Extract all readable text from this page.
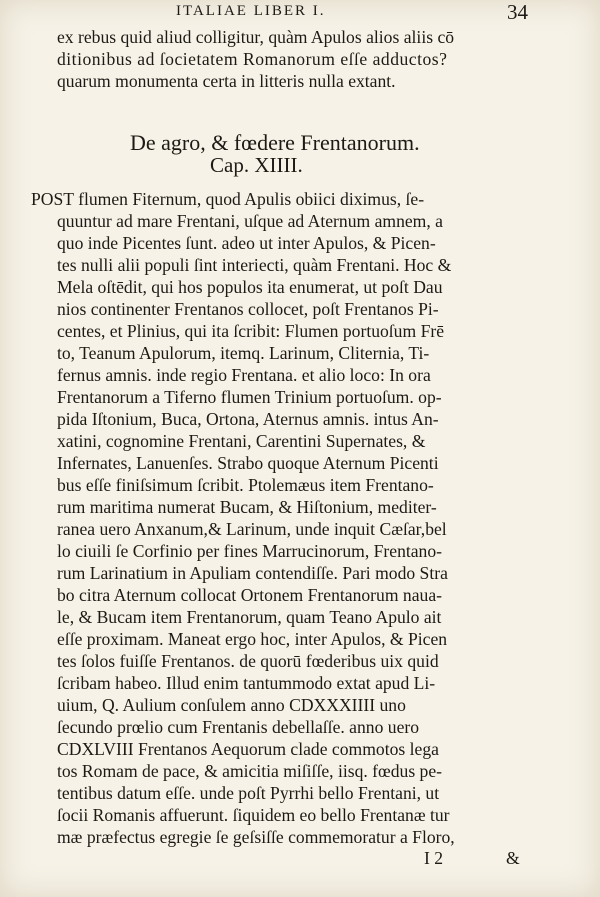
ITALIAE LIBER I.	34
ex rebus quid aliud colligitur, quàm Apulos alios aliis cō
ditionibus ad ſocietatem Romanorum eſſe adductos?
quarum monumenta certa in litteris nulla extant.
De agro, & fœdere Frentanorum.
Cap. XIIII.
POST flumen Fiternum, quod Apulis obiici diximus, ſe-
quuntur ad mare Frentani, uſque ad Aternum amnem, a
quo inde Picentes ſunt. adeo ut inter Apulos, & Picen-
tes nulli alii populi ſint interiecti, quàm Frentani. Hoc &
Mela oſtēdit, qui hos populos ita enumerat, ut poſt Dau
nios continenter Frentanos collocet, poſt Frentanos Pi-
centes, et Plinius, qui ita ſcribit: Flumen portuoſum Frē
to, Teanum Apulorum, itemq. Larinum, Cliternia, Ti-
fernus amnis. inde regio Frentana. et alio loco: In ora
Frentanorum a Tiferno flumen Trinium portuoſum. op-
pida Iſtonium, Buca, Ortona, Aternus amnis. intus An-
xatini, cognomine Frentani, Carentini Supernates, &
Infernates, Lanuenſes. Strabo quoque Aternum Picenti
bus eſſe finiſsimum ſcribit. Ptolemæus item Frentano-
rum maritima numerat Bucam, & Hiſtonium, mediter-
ranea uero Anxanum,& Larinum, unde inquit Cæſar,bel
lo ciuili ſe Corfinio per fines Marrucinorum, Frentano-
rum Larinatium in Apuliam contendiſſe. Pari modo Stra
bo citra Aternum collocat Ortonem Frentanorum naua-
le, & Bucam item Frentanorum, quam Teano Apulo ait
eſſe proximam. Maneat ergo hoc, inter Apulos, & Picen
tes ſolos fuiſſe Frentanos. de quorū fœderibus uix quid
ſcribam habeo. Illud enim tantummodo extat apud Li-
uium, Q. Aulium conſulem anno CDXXXIIII uno
ſecundo prœlio cum Frentanis debellaſſe. anno uero
CDXLVIII Frentanos Aequorum clade commotos lega
tos Romam de pace, & amicitia miſiſſe, iisq. fœdus pe-
tentibus datum eſſe. unde poſt Pyrrhi bello Frentani, ut
ſocii Romanis affuerunt. ſiquidem eo bello Frentanæ tur
mæ præfectus egregie ſe geſsiſſe commemoratur a Floro,
I 2	&
